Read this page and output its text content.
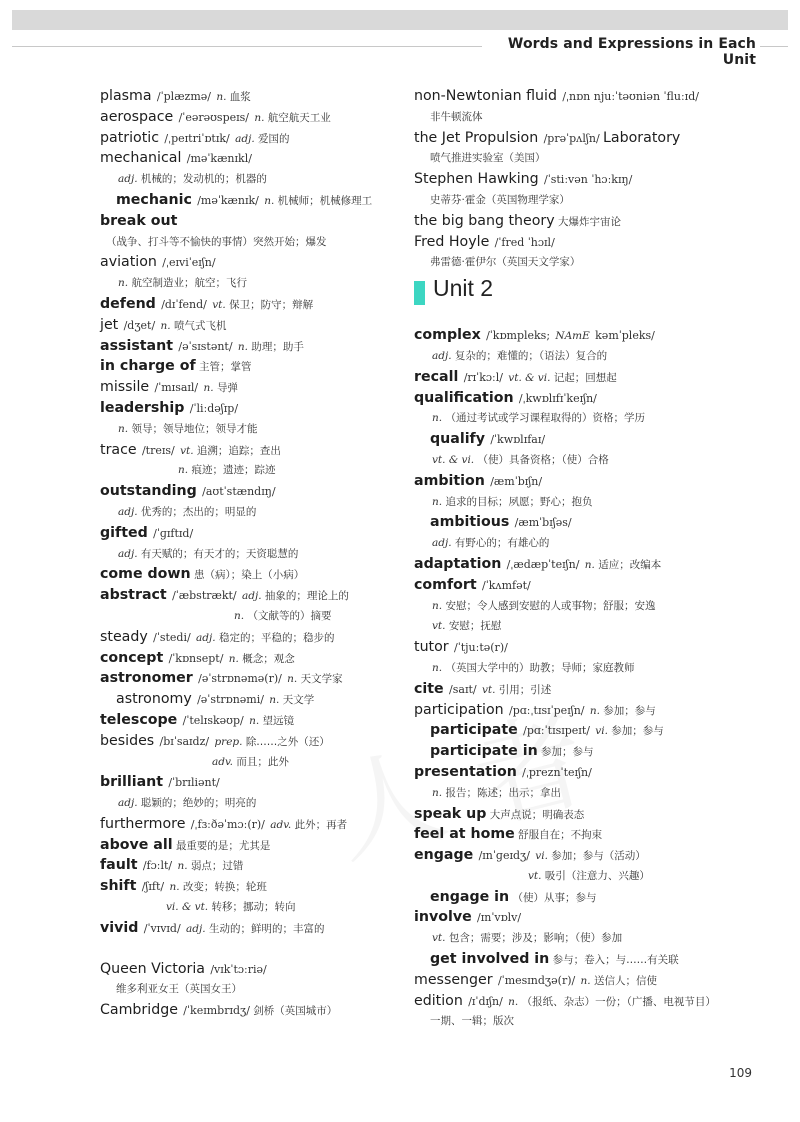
Words and Expressions in Each Unit
plasma /ˈplæzmə/ n. 血浆
aerospace /ˈeərəʊspeɪs/ n. 航空航天工业
patriotic /ˌpeɪtriˈɒtɪk/ adj. 爱国的
mechanical /məˈkænɪkl/
adj. 机械的；发动机的；机器的
mechanic /məˈkænɪk/ n. 机械师；机械修理工
break out
（战争、打斗等不愉快的事情）突然开始；爆发
aviation /ˌeɪviˈeɪʃn/
n. 航空制造业；航空；飞行
defend /dɪˈfend/ vt. 保卫；防守；辩解
jet /dʒet/ n. 喷气式飞机
assistant /əˈsɪstənt/ n. 助理；助手
in charge of 主管；掌管
missile /ˈmɪsaɪl/ n. 导弹
leadership /ˈliːdəʃɪp/
n. 领导；领导地位；领导才能
trace /treɪs/ vt. 追溯；追踪；查出
n. 痕迹；遗迹；踪迹
outstanding /aʊtˈstændɪŋ/
adj. 优秀的；杰出的；明显的
gifted /ˈɡɪftɪd/
adj. 有天赋的；有天才的；天资聪慧的
come down 患（病）；染上（小病）
abstract /ˈæbstrækt/ adj. 抽象的；理论上的
n. （文献等的）摘要
steady /ˈstedi/ adj. 稳定的；平稳的；稳步的
concept /ˈkɒnsept/ n. 概念；观念
astronomer /əˈstrɒnəmə(r)/ n. 天文学家
astronomy /əˈstrɒnəmi/ n. 天文学
telescope /ˈtelɪskəʊp/ n. 望远镜
besides /bɪˈsaɪdz/ prep. 除……之外（还）
adv. 而且；此外
brilliant /ˈbrɪliənt/
adj. 聪颖的；绝妙的；明亮的
furthermore /ˌfɜːðəˈmɔː(r)/ adv. 此外；再者
above all 最重要的是；尤其是
fault /fɔːlt/ n. 弱点；过错
shift /ʃɪft/ n. 改变；转换；轮班
vi. & vt. 转移；挪动；转向
vivid /ˈvɪvɪd/ adj. 生动的；鲜明的；丰富的
Queen Victoria /vɪkˈtɔːriə/
维多利亚女王（英国女王）
Cambridge /ˈkeɪmbrɪdʒ/ 剑桥（英国城市）
non-Newtonian fluid /ˌnɒn njuːˈtəʊniən ˈfluːɪd/
非牛顿流体
the Jet Propulsion /prəˈpʌlʃn/ Laboratory
喷气推进实验室（美国）
Stephen Hawking /ˈstiːvən ˈhɔːkɪŋ/
史蒂芬·霍金（英国物理学家）
the big bang theory 大爆炸宇宙论
Fred Hoyle /ˈfred ˈhɔɪl/
弗雷德·霍伊尔（英国天文学家）
Unit 2
complex /ˈkɒmpleks; NAmE kəmˈpleks/
adj. 复杂的；难懂的；（语法）复合的
recall /rɪˈkɔːl/ vt. & vi. 记起；回想起
qualification /ˌkwɒlɪfɪˈkeɪʃn/
n. （通过考试或学习课程取得的）资格；学历
qualify /ˈkwɒlɪfaɪ/
vt. & vi. （使）具备资格；（使）合格
ambition /æmˈbɪʃn/
n. 追求的目标；夙愿；野心；抱负
ambitious /æmˈbɪʃəs/
adj. 有野心的；有雄心的
adaptation /ˌædæpˈteɪʃn/ n. 适应；改编本
comfort /ˈkʌmfət/
n. 安慰；令人感到安慰的人或事物；舒服；安逸
vt. 安慰；抚慰
tutor /ˈtjuːtə(r)/
n. （英国大学中的）助教；导师；家庭教师
cite /saɪt/ vt. 引用；引述
participation /pɑːˌtɪsɪˈpeɪʃn/ n. 参加；参与
participate /pɑːˈtɪsɪpeɪt/ vi. 参加；参与
participate in 参加；参与
presentation /ˌpreznˈteɪʃn/
n. 报告；陈述；出示；拿出
speak up 大声点说；明确表态
feel at home 舒服自在；不拘束
engage /ɪnˈɡeɪdʒ/ vi. 参加；参与（活动）
vt. 吸引（注意力、兴趣）
engage in （使）从事；参与
involve /ɪnˈvɒlv/
vt. 包含；需要；涉及；影响；（使）参加
get involved in 参与；卷入；与……有关联
messenger /ˈmesɪndʒə(r)/ n. 送信人；信使
edition /ɪˈdɪʃn/ n. （报纸、杂志）一份；（广播、电视节目）
一期、一辑；版次
109
